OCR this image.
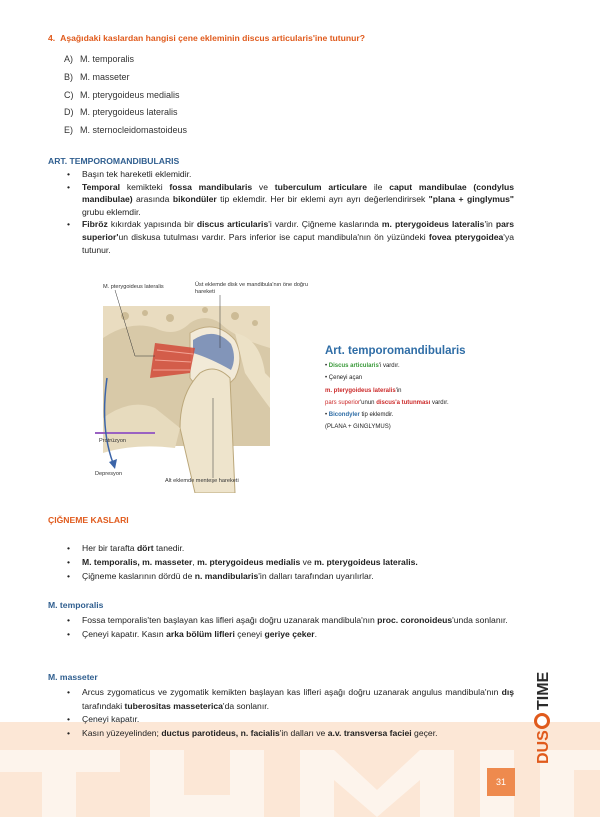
4. Aşağıdaki kaslardan hangisi çene ekleminin discus articularis'ine tutunur?
A) M. temporalis
B) M. masseter
C) M. pterygoideus medialis
D) M. pterygoideus lateralis
E) M. sternocleidomastoideus
ART. TEMPOROMANDIBULARIS
• Başın tek hareketli eklemidir.
• Temporal kemikteki fossa mandibularis ve tuberculum articulare ile caput mandibulae (condylus mandibulae) arasında bikondüler tip eklemdir. Her bir eklemi ayrı ayrı değerlendirirsek "plana + ginglymus" grubu eklemdir.
• Fibröz kıkırdak yapısında bir discus articularis'i vardır. Çiğneme kaslarında m. pterygoideus lateralis'in pars superior'un diskusa tutulması vardır. Pars inferior ise caput mandibula'nın ön yüzündeki fovea pterygoidea'ya tutunur.
M. pterygoideus lateralis	Üst eklemde disk ve mandibula'nın öne doğru hareketi
Protrüzyon
Depresyon
Alt eklemde menteşe hareketi
Art. temporomandibularis
• Discus articularis'i vardır.
• Çeneyi açan
m. pterygoideus lateralis'in
pars superior'unun discus'a tutunması vardır.
• Bicondyler tip eklemdir.
(PLANA + GINGLYMUS)
ÇIĞNEME KASLARI
• Her bir tarafta dört tanedir.
• M. temporalis, m. masseter, m. pterygoideus medialis ve m. pterygoideus lateralis.
• Çiğneme kaslarının dördü de n. mandibularis'in dalları tarafından uyarılırlar.
M. temporalis
• Fossa temporalis'ten başlayan kas lifleri aşağı doğru uzanarak mandibula'nın proc. coronoideus'unda sonlanır.
• Çeneyi kapatır. Kasın arka bölüm lifleri çeneyi geriye çeker.
M. masseter
• Arcus zygomaticus ve zygomatik kemikten başlayan kas lifleri aşağı doğru uzanarak angulus mandibula'nın dış tarafındaki tuberositas masseterica'da sonlanır.
• Çeneyi kapatır.
• Kasın yüzeyelinden; ductus parotideus, n. facialis'in dalları ve a.v. transversa faciei geçer.	DUS
TIME
31
